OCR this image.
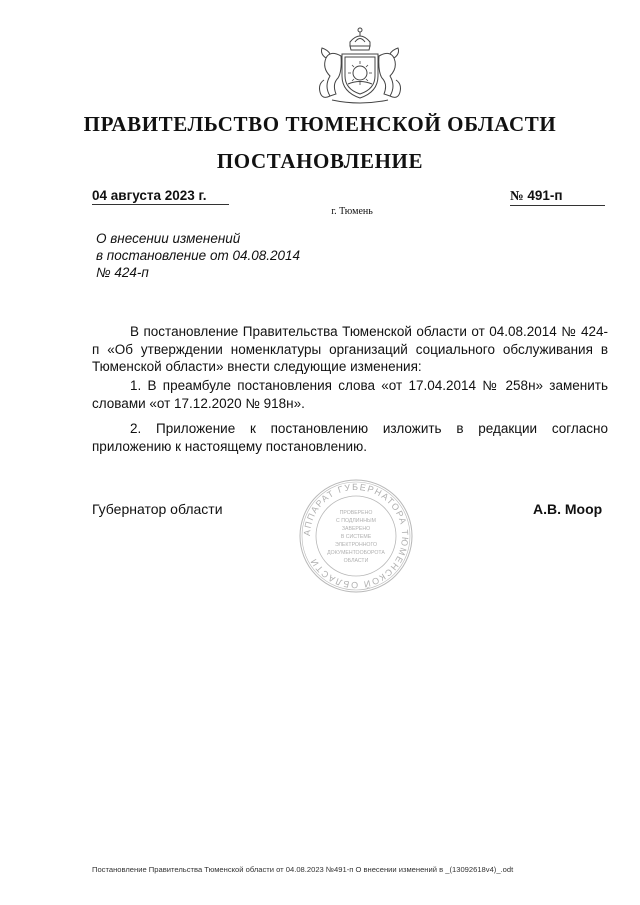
ПРАВИТЕЛЬСТВО ТЮМЕНСКОЙ ОБЛАСТИ
ПОСТАНОВЛЕНИЕ
04 августа 2023 г.	№ 491-п
г. Тюмень
О внесении изменений
в постановление от 04.08.2014
№ 424-п
В постановление Правительства Тюменской области от 04.08.2014 № 424-п «Об утверждении номенклатуры организаций социального обслуживания в Тюменской области» внести следующие изменения:
1. В преамбуле постановления слова «от 17.04.2014 № 258н» заменить словами «от 17.12.2020 № 918н».
2. Приложение к постановлению изложить в редакции согласно приложению к настоящему постановлению.
АППАРАТ ГУБЕРНАТОРА ТЮМЕНСКОЙ ОБЛАСТИ
ПРОВЕРЕНО
С ПОДЛИННЫМ
ЗАВЕРЕНО
В СИСТЕМЕ
ЭЛЕКТРОННОГО
ДОКУМЕНТООБОРОТА
ОБЛАСТИ
Губернатор области	А.В. Моор
Постановление Правительства Тюменской области от 04.08.2023 №491-п О внесении изменений в _(13092618v4)_.odt
